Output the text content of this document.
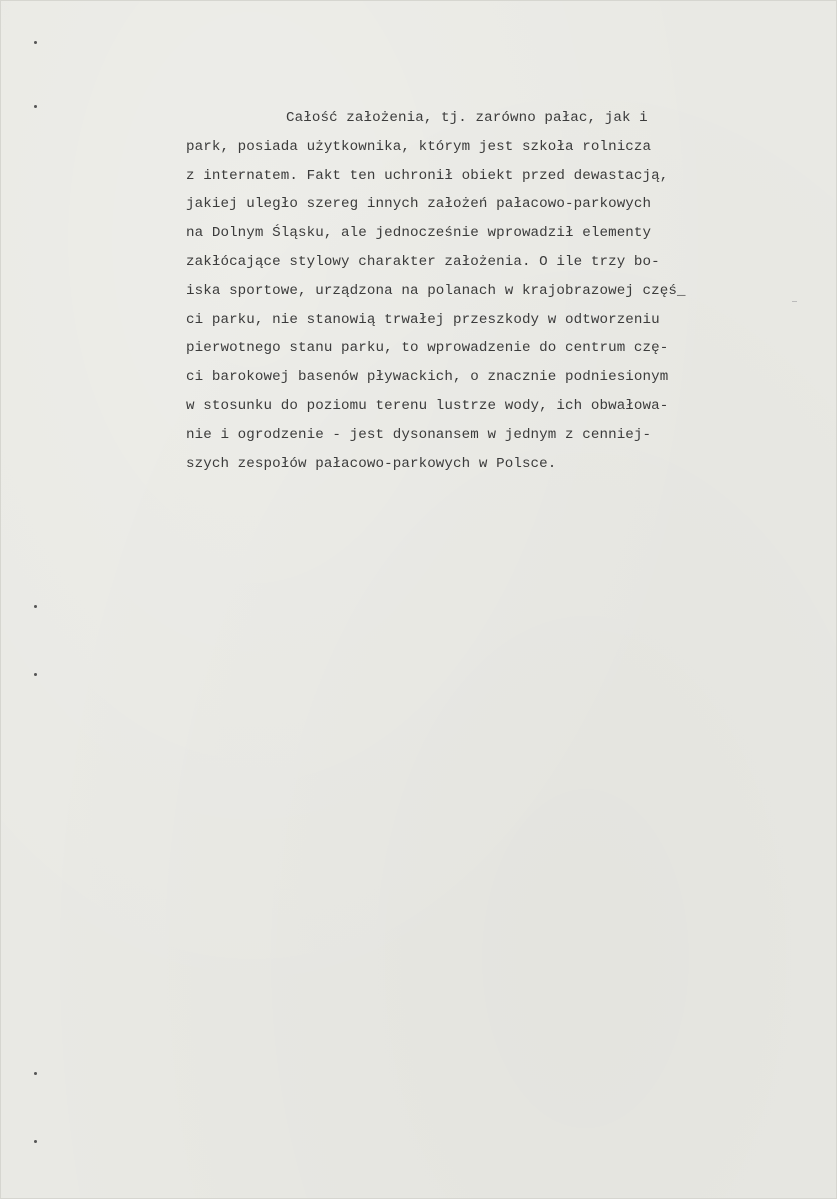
Całość założenia, tj. zarówno pałac, jak i
park, posiada użytkownika, którym jest szkoła rolnicza
z internatem. Fakt ten uchronił obiekt przed dewastacją,
jakiej uległo szereg innych założeń pałacowo-parkowych
na Dolnym Śląsku, ale jednocześnie wprowadził elementy
zakłócające stylowy charakter założenia. O ile trzy bo-
iska sportowe, urządzona na polanach w krajobrazowej częś_
ci parku, nie stanowią trwałej przeszkody w odtworzeniu
pierwotnego stanu parku, to wprowadzenie do centrum czę-
ci barokowej basenów pływackich, o znacznie podniesionym
w stosunku do poziomu terenu lustrze wody, ich obwałowa-
nie i ogrodzenie - jest dysonansem w jednym z cenniej-
szych zespołów pałacowo-parkowych w Polsce.
